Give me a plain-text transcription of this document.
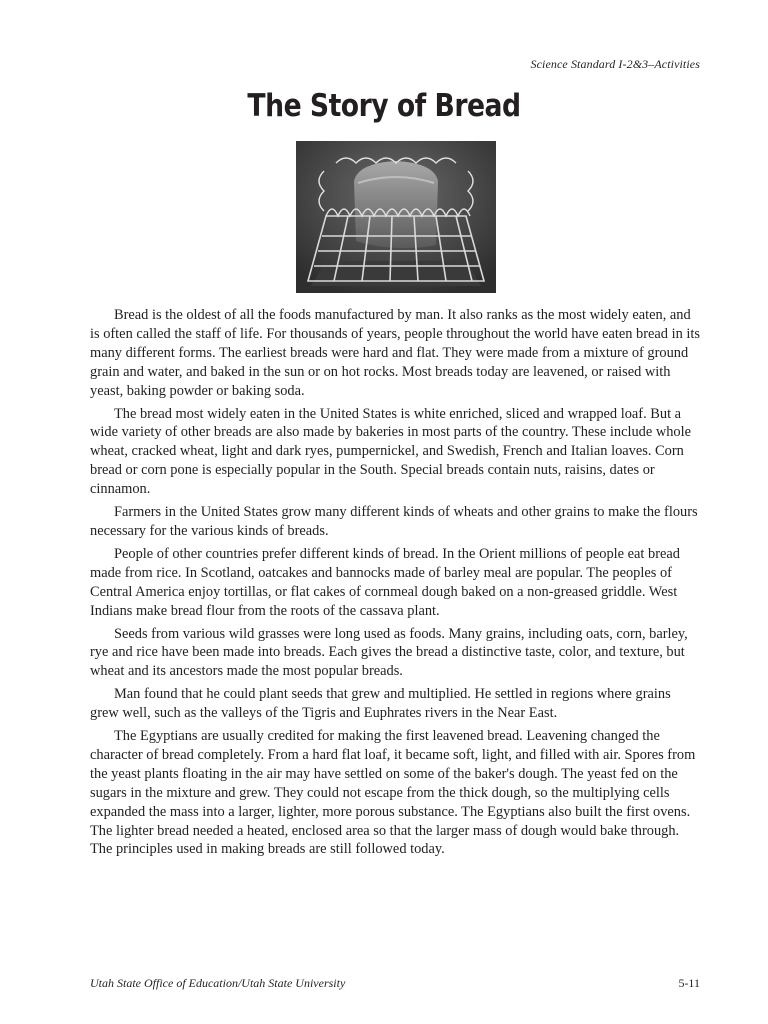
Science Standard I-2&3–Activities
The Story of Bread

Bread is the oldest of all the foods manufactured by man. It also ranks as the most widely eaten, and is often called the staff of life. For thousands of years, people throughout the world have eaten bread in its many different forms. The earliest breads were hard and flat. They were made from a mixture of ground grain and water, and baked in the sun or on hot rocks. Most breads today are leavened, or raised with yeast, baking powder or baking soda.

The bread most widely eaten in the United States is white enriched, sliced and wrapped loaf. But a wide variety of other breads are also made by bakeries in most parts of the country. These include whole wheat, cracked wheat, light and dark ryes, pumpernickel, and Swedish, French and Italian loaves. Corn bread or corn pone is especially popular in the South. Special breads contain nuts, raisins, dates or cinnamon.

Farmers in the United States grow many different kinds of wheats and other grains to make the flours necessary for the various kinds of breads.

People of other countries prefer different kinds of bread. In the Orient millions of people eat bread made from rice. In Scotland, oatcakes and bannocks made of barley meal are popular. The peoples of Central America enjoy tortillas, or flat cakes of cornmeal dough baked on a non-greased griddle. West Indians make bread flour from the roots of the cassava plant.

Seeds from various wild grasses were long used as foods. Many grains, including oats, corn, barley, rye and rice have been made into breads. Each gives the bread a distinctive taste, color, and texture, but wheat and its ancestors made the most popular breads.

Man found that he could plant seeds that grew and multiplied. He settled in regions where grains grew well, such as the valleys of the Tigris and Euphrates rivers in the Near East.

The Egyptians are usually credited for making the first leavened bread. Leavening changed the character of bread completely. From a hard flat loaf, it became soft, light, and filled with air. Spores from the yeast plants floating in the air may have settled on some of the baker's dough. The yeast fed on the sugars in the mixture and grew. They could not escape from the thick dough, so the multiplying cells expanded the mass into a larger, lighter, more porous substance. The Egyptians also built the first ovens. The lighter bread needed a heated, enclosed area so that the larger mass of dough would bake through. The principles used in making breads are still followed today.

Utah State Office of Education/Utah State University	5-11
